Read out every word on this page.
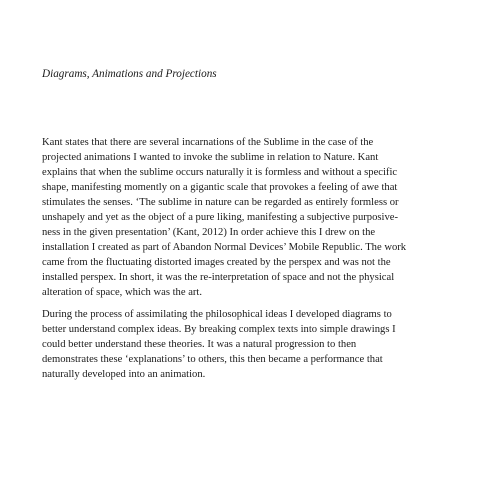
Diagrams, Animations and Projections

Kant states that there are several incarnations of the Sublime in the case of the
projected animations I wanted to invoke the sublime in relation to Nature. Kant
explains that when the sublime occurs naturally it is formless and without a specific
shape, manifesting momently on a gigantic scale that provokes a feeling of awe that
stimulates the senses. ‘The sublime in nature can be regarded as entirely formless or
unshapely and yet as the object of a pure liking, manifesting a subjective purposive-
ness in the given presentation’ (Kant, 2012) In order achieve this I drew on the
installation I created as part of Abandon Normal Devices’ Mobile Republic. The work
came from the fluctuating distorted images created by the perspex and was not the
installed perspex. In short, it was the re-interpretation of space and not the physical
alteration of space, which was the art.

During the process of assimilating the philosophical ideas I developed diagrams to
better understand complex ideas. By breaking complex texts into simple drawings I
could better understand these theories. It was a natural progression to then
demonstrates these ‘explanations’ to others, this then became a performance that
naturally developed into an animation.
